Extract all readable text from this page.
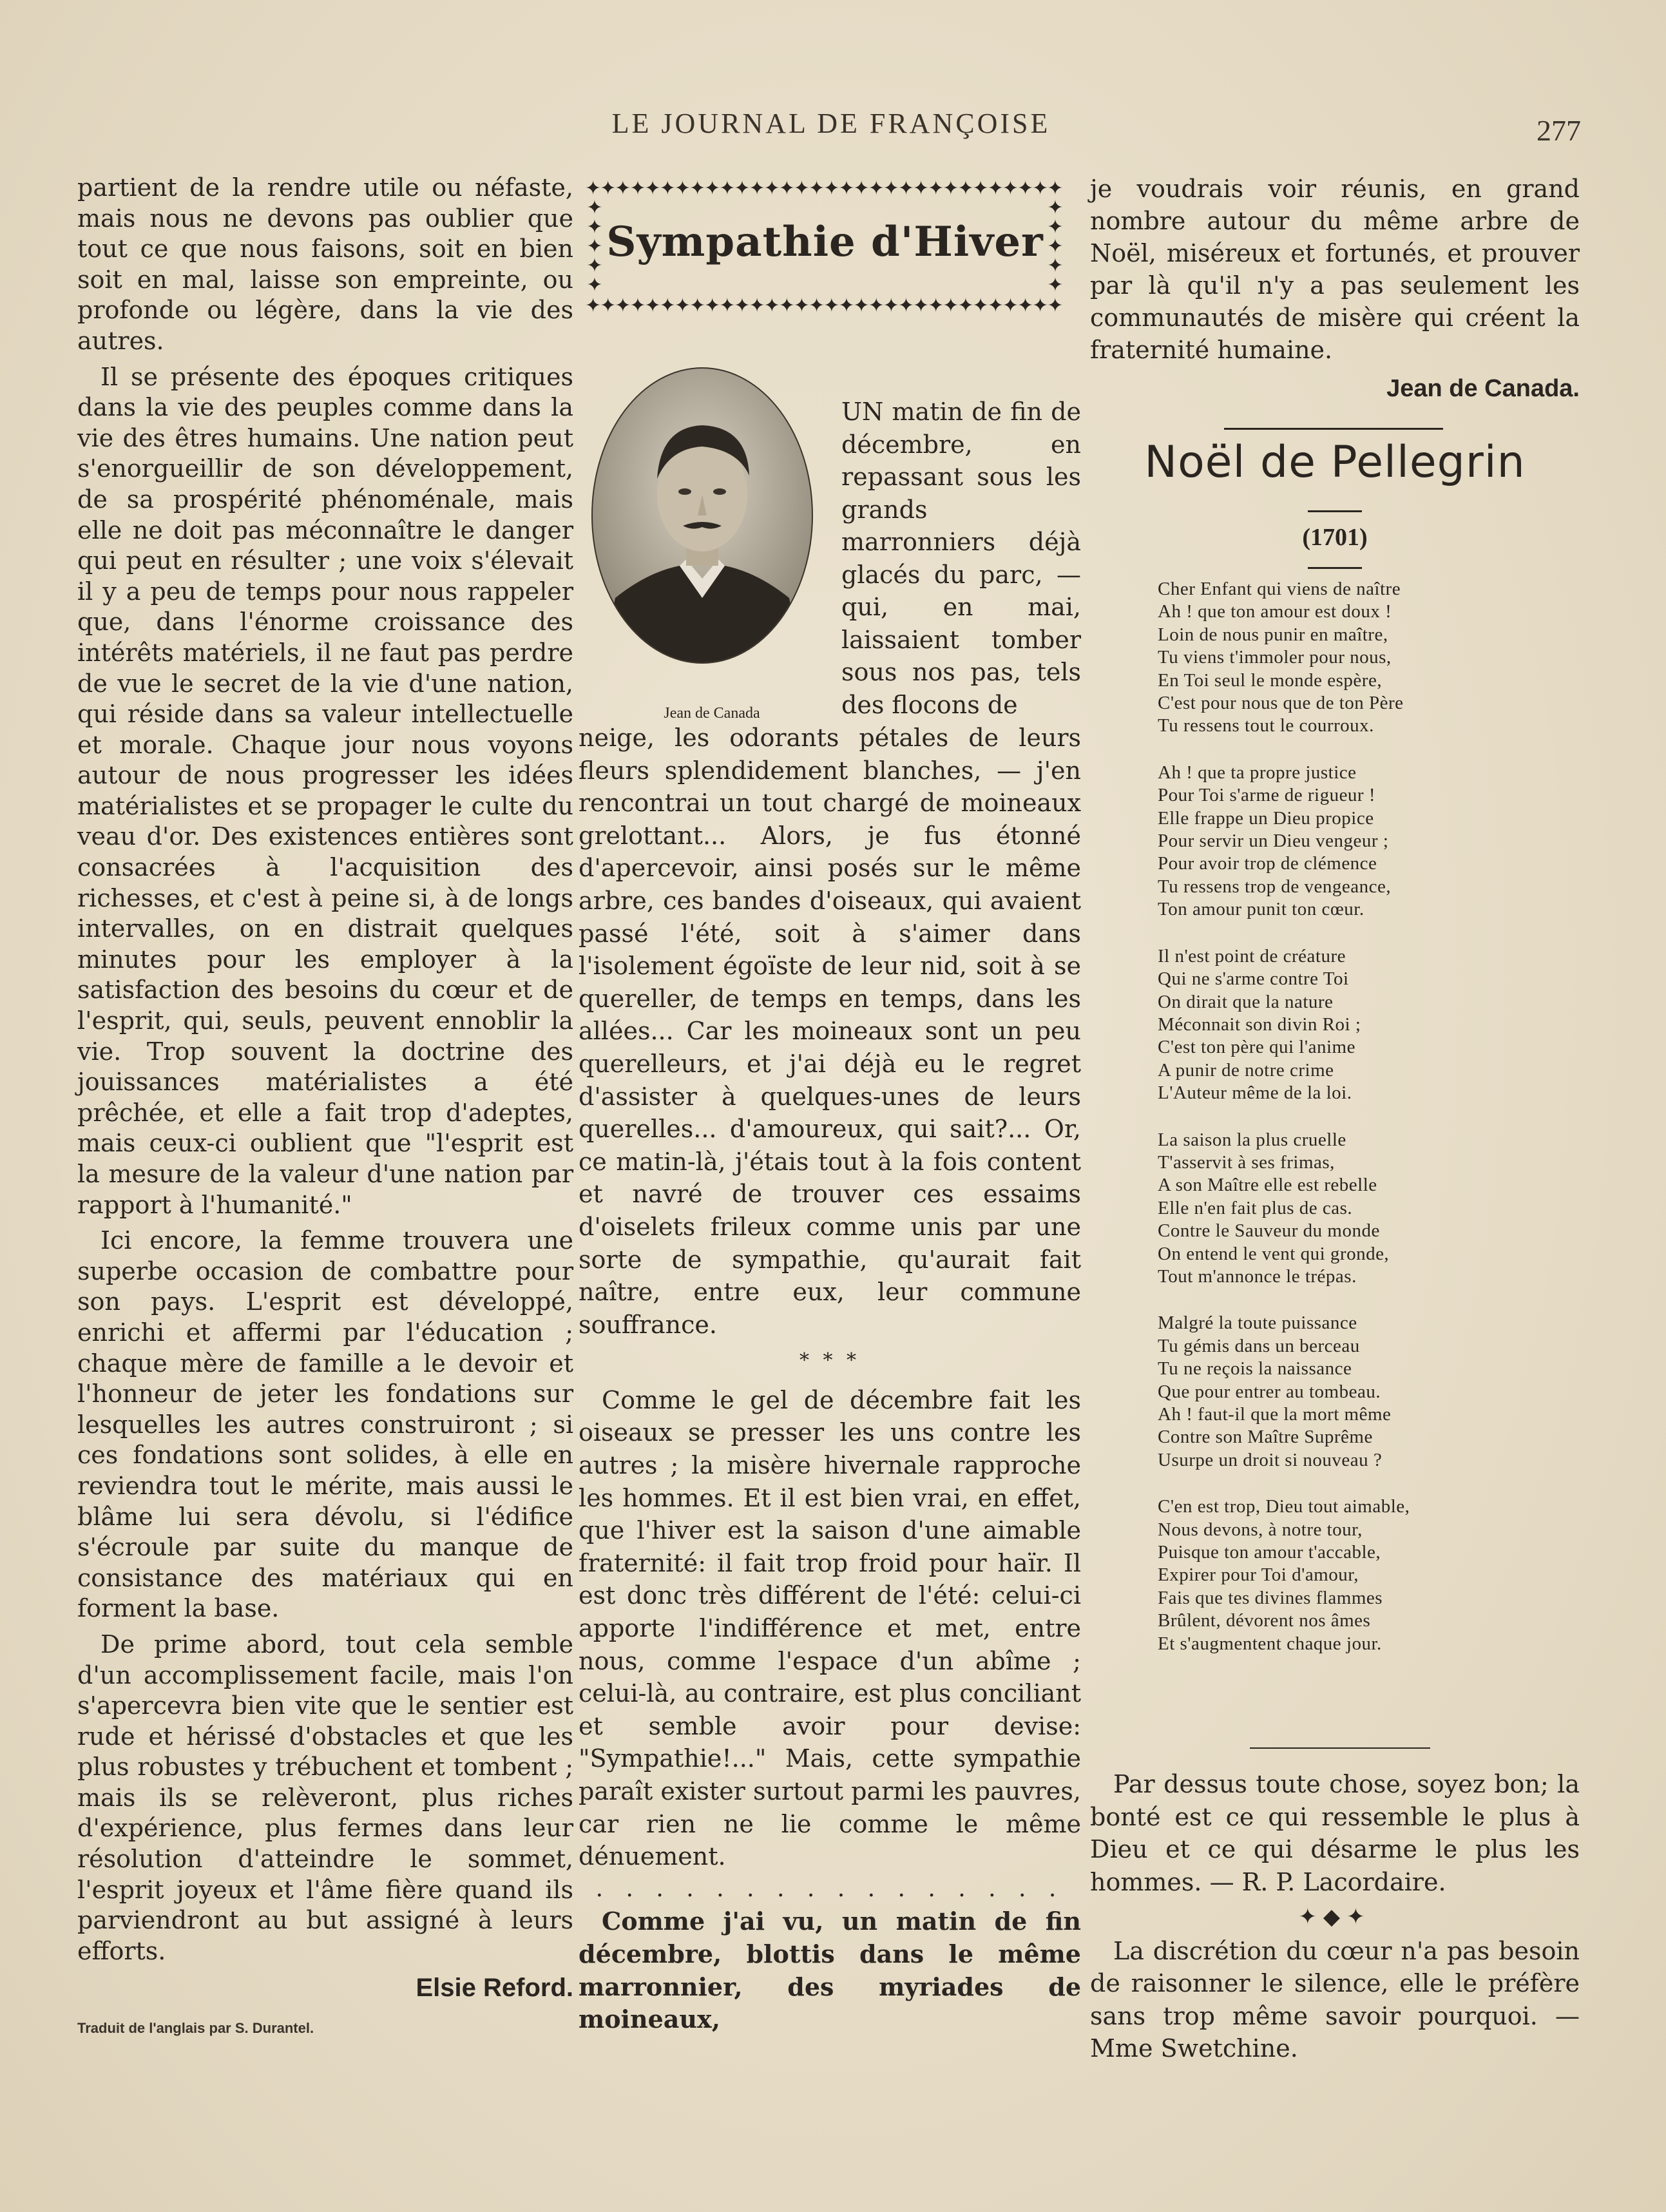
LE JOURNAL DE FRANÇOISE	277

partient de la rendre utile ou néfaste, mais nous ne devons pas oublier que tout ce que nous faisons, soit en bien soit en mal, laisse son empreinte, ou profonde ou légère, dans la vie des autres.

Il se présente des époques critiques dans la vie des peuples comme dans la vie des êtres humains. Une nation peut s'enorgueillir de son développement, de sa prospérité phénoménale, mais elle ne doit pas méconnaître le danger qui peut en résulter ; une voix s'élevait il y a peu de temps pour nous rappeler que, dans l'énorme croissance des intérêts matériels, il ne faut pas perdre de vue le secret de la vie d'une nation, qui réside dans sa valeur intellectuelle et morale. Chaque jour nous voyons autour de nous progresser les idées matérialistes et se propager le culte du veau d'or. Des existences entières sont consacrées à l'acquisition des richesses, et c'est à peine si, à de longs intervalles, on en distrait quelques minutes pour les employer à la satisfaction des besoins du cœur et de l'esprit, qui, seuls, peuvent ennoblir la vie. Trop souvent la doctrine des jouissances matérialistes a été prêchée, et elle a fait trop d'adeptes, mais ceux-ci oublient que "l'esprit est la mesure de la valeur d'une nation par rapport à l'humanité."

Ici encore, la femme trouvera une superbe occasion de combattre pour son pays. L'esprit est développé, enrichi et affermi par l'éducation ; chaque mère de famille a le devoir et l'honneur de jeter les fondations sur lesquelles les autres construiront ; si ces fondations sont solides, à elle en reviendra tout le mérite, mais aussi le blâme lui sera dévolu, si l'édifice s'écroule par suite du manque de consistance des matériaux qui en forment la base.

De prime abord, tout cela semble d'un accomplissement facile, mais l'on s'apercevra bien vite que le sentier est rude et hérissé d'obstacles et que les plus robustes y trébuchent et tombent ; mais ils se relèveront, plus riches d'expérience, plus fermes dans leur résolution d'atteindre le sommet, l'esprit joyeux et l'âme fière quand ils parviendront au but assigné à leurs efforts.

Elsie Reford.

Traduit de l'anglais par S. Durantel.

✦✦✦✦✦✦✦✦✦✦✦✦✦✦✦✦✦✦✦✦✦✦✦✦✦✦✦✦✦✦✦✦
✦
✦
✦
✦
✦
Sympathie d'Hiver
✦
✦
✦
✦
✦
✦✦✦✦✦✦✦✦✦✦✦✦✦✦✦✦✦✦✦✦✦✦✦✦✦✦✦✦✦✦✦✦
Jean de Canada

UN matin de fin de décembre, en repassant sous les grands marronniers déjà glacés du parc, — qui, en mai, laissaient tomber sous nos pas, tels des flocons de

neige, les odorants pétales de leurs fleurs splendidement blanches, — j'en rencontrai un tout chargé de moineaux grelottant... Alors, je fus étonné d'apercevoir, ainsi posés sur le même arbre, ces bandes d'oiseaux, qui avaient passé l'été, soit à s'aimer dans l'isolement égoïste de leur nid, soit à se quereller, de temps en temps, dans les allées... Car les moineaux sont un peu querelleurs, et j'ai déjà eu le regret d'assister à quelques-unes de leurs querelles... d'amoureux, qui sait?... Or, ce matin-là, j'étais tout à la fois content et navré de trouver ces essaims d'oiselets frileux comme unis par une sorte de sympathie, qu'aurait fait naître, entre eux, leur commune souffrance.

* * *

Comme le gel de décembre fait les oiseaux se presser les uns contre les autres ; la misère hivernale rapproche les hommes. Et il est bien vrai, en effet, que l'hiver est la saison d'une aimable fraternité: il fait trop froid pour haïr. Il est donc très différent de l'été: celui-ci apporte l'indifférence et met, entre nous, comme l'espace d'un abîme ; celui-là, au contraire, est plus conciliant et semble avoir pour devise: "Sympathie!..." Mais, cette sympathie paraît exister surtout parmi les pauvres, car rien ne lie comme le même dénuement.

. . . . . . . . . . . . . . . .

Comme j'ai vu, un matin de fin décembre, blottis dans le même marronnier, des myriades de moineaux,

je voudrais voir réunis, en grand nombre autour du même arbre de Noël, miséreux et fortunés, et prouver par là qu'il n'y a pas seulement les communautés de misère qui créent la fraternité humaine.

Jean de Canada.

Noël de Pellegrin
(1701)
Cher Enfant qui viens de naître
Ah ! que ton amour est doux !
Loin de nous punir en maître,
Tu viens t'immoler pour nous,
En Toi seul le monde espère,
C'est pour nous que de ton Père
Tu ressens tout le courroux.
Ah ! que ta propre justice
Pour Toi s'arme de rigueur !
Elle frappe un Dieu propice
Pour servir un Dieu vengeur ;
Pour avoir trop de clémence
Tu ressens trop de vengeance,
Ton amour punit ton cœur.
Il n'est point de créature
Qui ne s'arme contre Toi
On dirait que la nature
Méconnait son divin Roi ;
C'est ton père qui l'anime
A punir de notre crime
L'Auteur même de la loi.
La saison la plus cruelle
T'asservit à ses frimas,
A son Maître elle est rebelle
Elle n'en fait plus de cas.
Contre le Sauveur du monde
On entend le vent qui gronde,
Tout m'annonce le trépas.
Malgré la toute puissance
Tu gémis dans un berceau
Tu ne reçois la naissance
Que pour entrer au tombeau.
Ah ! faut-il que la mort même
Contre son Maître Suprême
Usurpe un droit si nouveau ?
C'en est trop, Dieu tout aimable,
Nous devons, à notre tour,
Puisque ton amour t'accable,
Expirer pour Toi d'amour,
Fais que tes divines flammes
Brûlent, dévorent nos âmes
Et s'augmentent chaque jour.

Par dessus toute chose, soyez bon; la bonté est ce qui ressemble le plus à Dieu et ce qui désarme le plus les hommes. — R. P. Lacordaire.

✦◆✦

La discrétion du cœur n'a pas besoin de raisonner le silence, elle le préfère sans trop même savoir pourquoi. — Mme Swetchine.
